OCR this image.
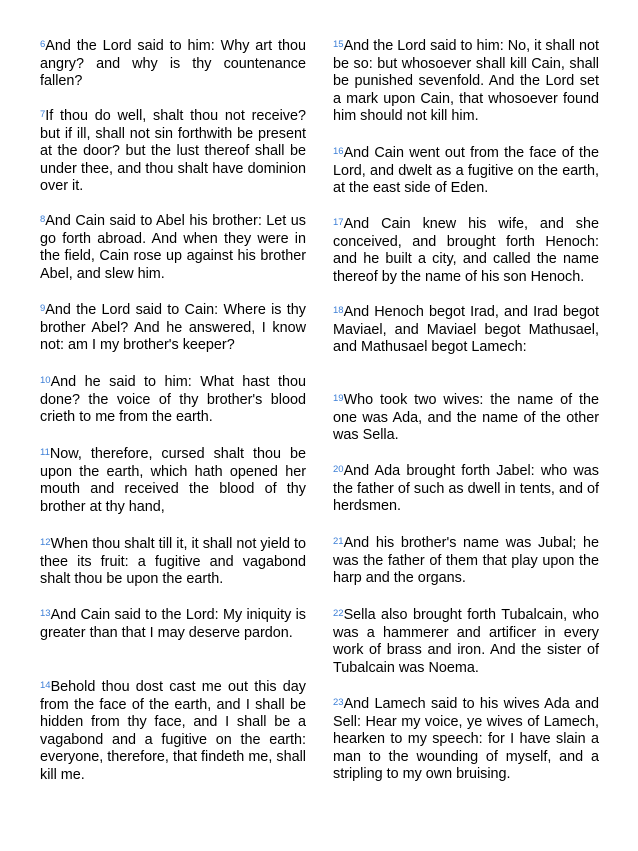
$^6$And the Lord said to him: Why art thou angry? and why is thy countenance fallen?

$^7$If thou do well, shalt thou not receive? but if ill, shall not sin forthwith be present at the door? but the lust thereof shall be under thee, and thou shalt have dominion over it.

$^8$And Cain said to Abel his brother: Let us go forth abroad. And when they were in the field, Cain rose up against his brother Abel, and slew him.

$^9$And the Lord said to Cain: Where is thy brother Abel? And he answered, I know not: am I my brother's keeper?

$^{10}$And he said to him: What hast thou done? the voice of thy brother's blood crieth to me from the earth.

$^{11}$Now, therefore, cursed shalt thou be upon the earth, which hath opened her mouth and received the blood of thy brother at thy hand,

$^{12}$When thou shalt till it, it shall not yield to thee its fruit: a fugitive and vagabond shalt thou be upon the earth.

$^{13}$And Cain said to the Lord: My iniquity is greater than that I may deserve pardon.

$^{14}$Behold thou dost cast me out this day from the face of the earth, and I shall be hidden from thy face, and I shall be a vagabond and a fugitive on the earth: everyone, therefore, that findeth me, shall kill me.

$^{15}$And the Lord said to him: No, it shall not be so: but whosoever shall kill Cain, shall be punished sevenfold. And the Lord set a mark upon Cain, that whosoever found him should not kill him.

$^{16}$And Cain went out from the face of the Lord, and dwelt as a fugitive on the earth, at the east side of Eden.

$^{17}$And Cain knew his wife, and she conceived, and brought forth Henoch: and he built a city, and called the name thereof by the name of his son Henoch.

$^{18}$And Henoch begot Irad, and Irad begot Maviael, and Maviael begot Mathusael, and Mathusael begot Lamech:

$^{19}$Who took two wives: the name of the one was Ada, and the name of the other was Sella.

$^{20}$And Ada brought forth Jabel: who was the father of such as dwell in tents, and of herdsmen.

$^{21}$And his brother's name was Jubal; he was the father of them that play upon the harp and the organs.

$^{22}$Sella also brought forth Tubalcain, who was a hammerer and artificer in every work of brass and iron. And the sister of Tubalcain was Noema.

$^{23}$And Lamech said to his wives Ada and Sell: Hear my voice, ye wives of Lamech, hearken to my speech: for I have slain a man to the wounding of myself, and a stripling to my own bruising.
